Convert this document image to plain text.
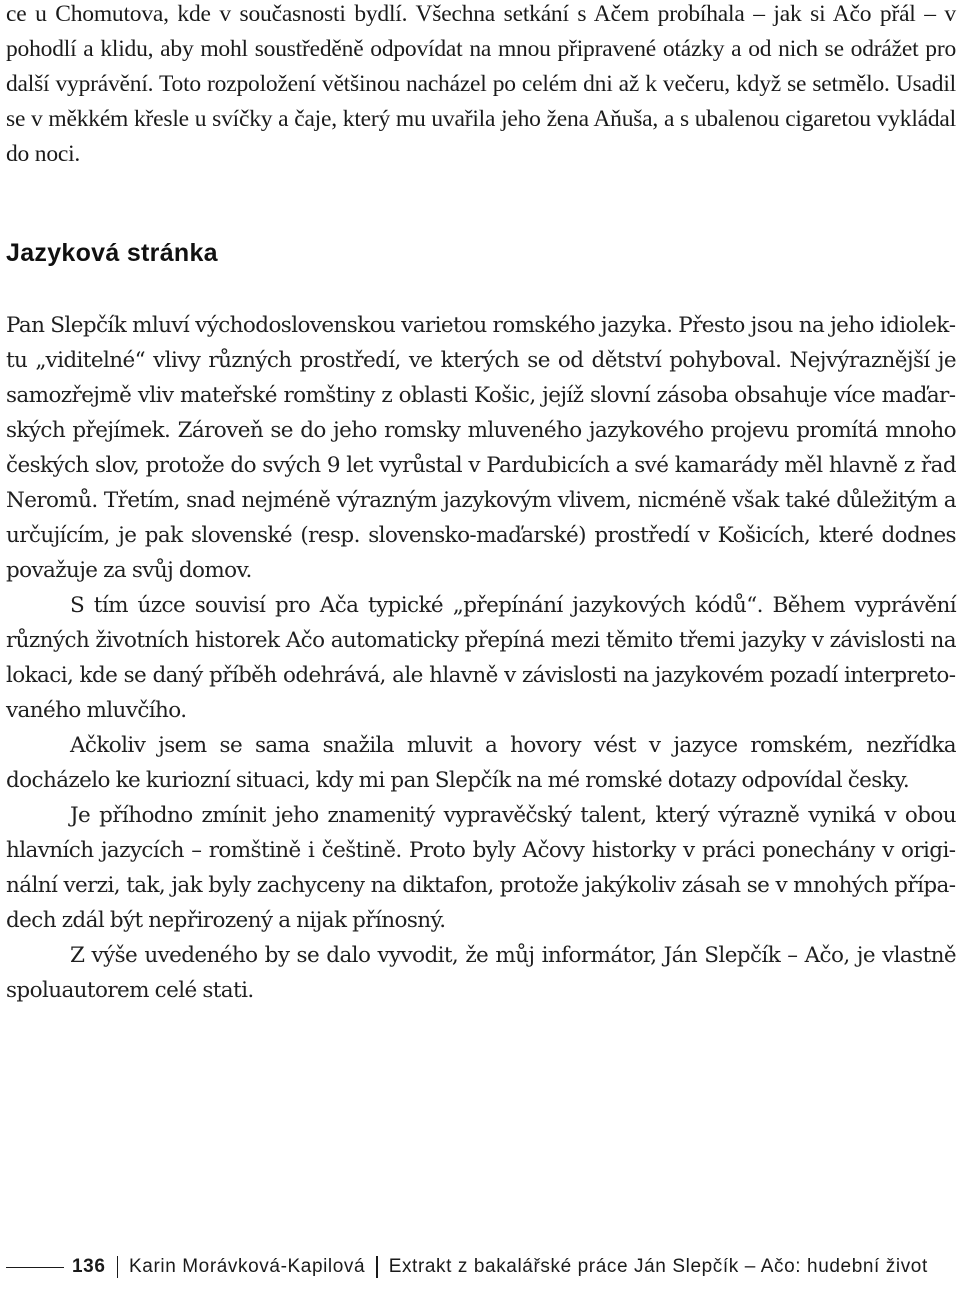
ce u Chomutova, kde v současnosti bydlí. Všechna setkání s Ačem probíhala – jak si Ačo přál – v pohodlí a klidu, aby mohl soustředěně odpovídat na mnou připravené otázky a od nich se odrážet pro další vyprávění. Toto rozpoložení většinou nacházel po celém dni až k večeru, když se setmělo. Usadil se v měkkém křesle u svíčky a čaje, který mu uvařila jeho žena Aňuša, a s ubalenou cigaretou vykládal do noci.

Jazyková stránka

Pan Slepčík mluví východoslovenskou varietou romského jazyka. Přesto jsou na jeho idiolektu „viditelné“ vlivy různých prostředí, ve kterých se od dětství pohyboval. Nejvýraznější je samozřejmě vliv mateřské romštiny z oblasti Košic, jejíž slovní zásoba obsahuje více maďarských přejímek. Zároveň se do jeho romsky mluveného jazykového projevu promítá mnoho českých slov, protože do svých 9 let vyrůstal v Pardubicích a své kamarády měl hlavně z řad Neromů. Třetím, snad nejméně výrazným jazykovým vlivem, nicméně však také důležitým a určujícím, je pak slovenské (resp. slovensko-maďarské) prostředí v Košicích, které dodnes považuje za svůj domov.

S tím úzce souvisí pro Ača typické „přepínání jazykových kódů“. Během vyprávění různých životních historek Ačo automaticky přepíná mezi těmito třemi jazyky v závislosti na lokaci, kde se daný příběh odehrává, ale hlavně v závislosti na jazykovém pozadí interpretovaného mluvčího.

Ačkoliv jsem se sama snažila mluvit a hovory vést v jazyce romském, nezřídka docházelo ke kuriozní situaci, kdy mi pan Slepčík na mé romské dotazy odpovídal česky.

Je příhodno zmínit jeho znamenitý vypravěčský talent, který výrazně vyniká v obou hlavních jazycích – romštině i češtině. Proto byly Ačovy historky v práci ponechány v originální verzi, tak, jak byly zachyceny na diktafon, protože jakýkoliv zásah se v mnohých případech zdál být nepřirozený a nijak přínosný.

Z výše uvedeného by se dalo vyvodit, že můj informátor, Ján Slepčík – Ačo, je vlastně spoluautorem celé stati.

136 Karin Morávková-Kapilová Extrakt z bakalářské práce Ján Slepčík – Ačo: hudební život
